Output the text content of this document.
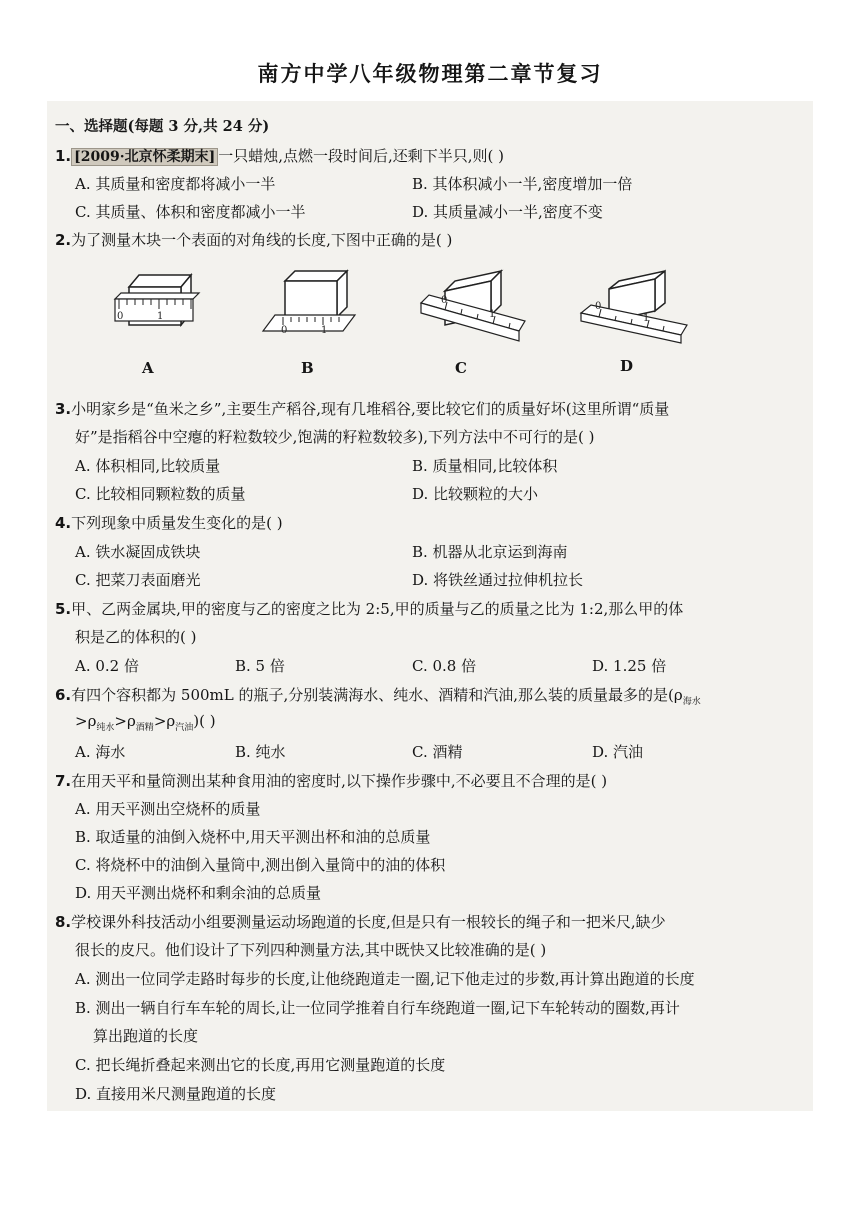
南方中学八年级物理第二章节复习
一、选择题(每题 3 分,共 24 分)
1. [2009·北京怀柔期末] 一只蜡烛,点燃一段时间后,还剩下半只,则( )
A. 其质量和密度都将减小一半	B. 其体积减小一半,密度增加一倍
C. 其质量、体积和密度都减小一半	D. 其质量减小一半,密度不变
2.为了测量木块一个表面的对角线的长度,下图中正确的是( )
0	1
A
0	1
B
0
1
C
0
1
D
3.小明家乡是“鱼米之乡”,主要生产稻谷,现有几堆稻谷,要比较它们的质量好坏(这里所谓“质量
好”是指稻谷中空瘪的籽粒数较少,饱满的籽粒数较多),下列方法中不可行的是( )
A. 体积相同,比较质量	B. 质量相同,比较体积
C. 比较相同颗粒数的质量	D. 比较颗粒的大小
4.下列现象中质量发生变化的是( )
A. 铁水凝固成铁块	B. 机器从北京运到海南
C. 把菜刀表面磨光	D. 将铁丝通过拉伸机拉长
5.甲、乙两金属块,甲的密度与乙的密度之比为 2:5,甲的质量与乙的质量之比为 1:2,那么甲的体
积是乙的体积的( )
A. 0.2 倍	B. 5 倍	C. 0.8 倍	D. 1.25 倍
6.有四个容积都为 500mL 的瓶子,分别装满海水、纯水、酒精和汽油,那么装的质量最多的是($\rho_{海水}$
$>\rho_{纯水}>\rho_{酒精}>\rho_{汽油}$)( )
A. 海水	B. 纯水	C. 酒精	D. 汽油
7.在用天平和量筒测出某种食用油的密度时,以下操作步骤中,不必要且不合理的是( )
A. 用天平测出空烧杯的质量
B. 取适量的油倒入烧杯中,用天平测出杯和油的总质量
C. 将烧杯中的油倒入量筒中,测出倒入量筒中的油的体积
D. 用天平测出烧杯和剩余油的总质量
8.学校课外科技活动小组要测量运动场跑道的长度,但是只有一根较长的绳子和一把米尺,缺少
很长的皮尺。他们设计了下列四种测量方法,其中既快又比较准确的是( )
A. 测出一位同学走路时每步的长度,让他绕跑道走一圈,记下他走过的步数,再计算出跑道的长度
B. 测出一辆自行车车轮的周长,让一位同学推着自行车绕跑道一圈,记下车轮转动的圈数,再计
算出跑道的长度
C. 把长绳折叠起来测出它的长度,再用它测量跑道的长度
D. 直接用米尺测量跑道的长度
